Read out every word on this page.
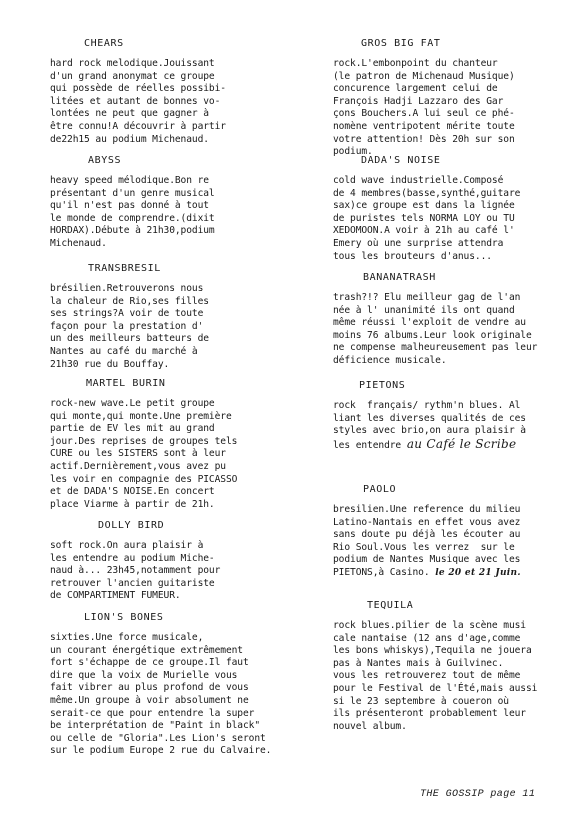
CHEARS

hard rock melodique.Jouissant
d'un grand anonymat ce groupe
qui possède de réelles possibi-
litées et autant de bonnes vo-
lontées ne peut que gagner à
être connu!A découvrir à partir
de22h15 au podium Michenaud.

ABYSS

heavy speed mélodique.Bon re
présentant d'un genre musical
qu'il n'est pas donné à tout
le monde de comprendre.(dixit
HORDAX).Débute à 21h30,podium
Michenaud.

TRANSBRESIL

brésilien.Retrouverons nous
la chaleur de Rio,ses filles
ses strings?A voir de toute
façon pour la prestation d'
un des meilleurs batteurs de
Nantes au café du marché à
21h30 rue du Bouffay.

MARTEL BURIN

rock-new wave.Le petit groupe
qui monte,qui monte.Une première
partie de EV les mit au grand
jour.Des reprises de groupes tels
CURE ou les SISTERS sont à leur
actif.Dernièrement,vous avez pu
les voir en compagnie des PICASSO
et de DADA'S NOISE.En concert
place Viarme à partir de 21h.

DOLLY BIRD

soft rock.On aura plaisir à
les entendre au podium Miche-
naud à... 23h45,notamment pour
retrouver l'ancien guitariste
de COMPARTIMENT FUMEUR.

LION'S BONES

sixties.Une force musicale,
un courant énergétique extrêmement
fort s'échappe de ce groupe.Il faut
dire que la voix de Murielle vous
fait vibrer au plus profond de vous
même.Un groupe à voir absolument ne
serait-ce que pour entendre la super
be interprétation de "Paint in black"
ou celle de "Gloria".Les Lion's seront
sur le podium Europe 2 rue du Calvaire.

GROS BIG FAT

rock.L'embonpoint du chanteur
(le patron de Michenaud Musique)
concurence largement celui de
François Hadji Lazzaro des Gar
çons Bouchers.A lui seul ce phé-
nomène ventripotent mérite toute
votre attention! Dès 20h sur son
podium.

DADA'S NOISE

cold wave industrielle.Composé
de 4 membres(basse,synthé,guitare
sax)ce groupe est dans la lignée
de puristes tels NORMA LOY ou TU
XEDOMOON.A voir à 21h au café l'
Emery où une surprise attendra
tous les brouteurs d'anus...

BANANATRASH

trash?!? Elu meilleur gag de l'an
née à l' unanimité ils ont quand
même réussi l'exploit de vendre au
moins 76 albums.Leur look originale
ne compense malheureusement pas leur
déficience musicale.

PIETONS

rock  français/ rythm'n blues. Al
liant les diverses qualités de ces
styles avec brio,on aura plaisir à
les entendre au Café le Scribe

PAOLO

bresilien.Une reference du milieu
Latino-Nantais en effet vous avez
sans doute pu déjà les écouter au
Rio Soul.Vous les verrez  sur le
podium de Nantes Musique avec les
PIETONS,à Casino. le 20 et 21 Juin.

TEQUILA

rock blues.pilier de la scène musi
cale nantaise (12 ans d'age,comme
les bons whiskys),Tequila ne jouera
pas à Nantes mais à Guilvinec.
vous les retrouverez tout de même
pour le Festival de l'Été,mais aussi
si le 23 septembre à coueron où
ils présenteront probablement leur
nouvel album.

THE GOSSIP page 11
